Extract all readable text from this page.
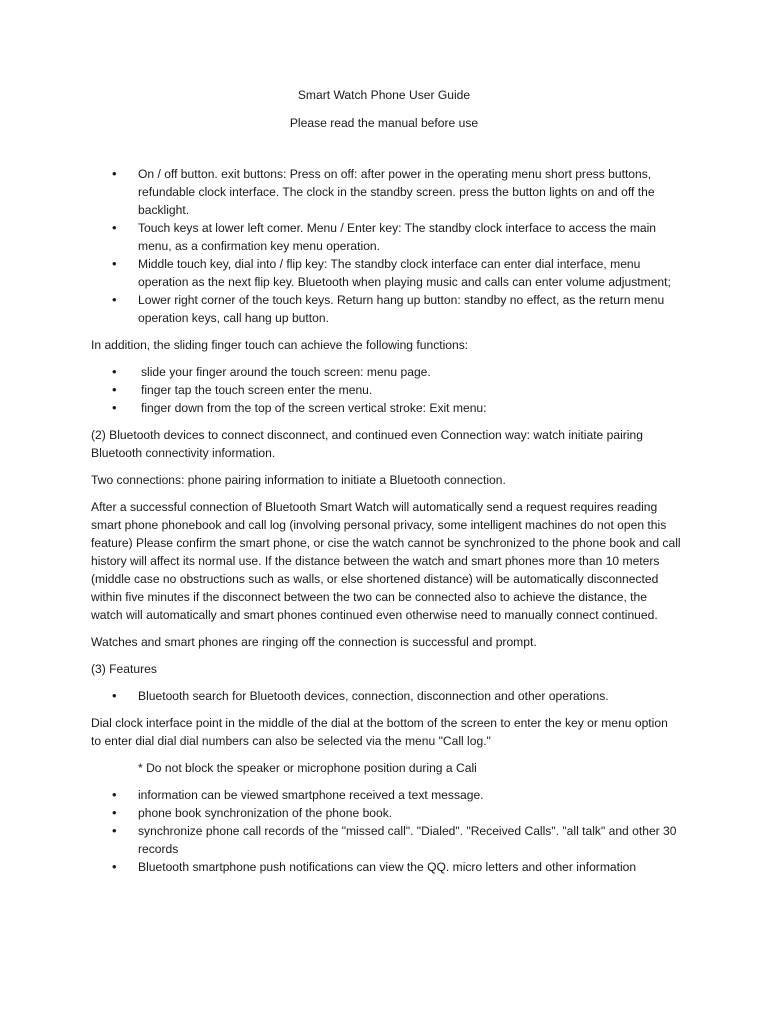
Smart Watch Phone User Guide

Please read the manual before use

• On / off button. exit buttons: Press on off: after power in the operating menu short press buttons, refundable clock interface. The clock in the standby screen. press the button lights on and off the backlight.
• Touch keys at lower left comer. Menu / Enter key: The standby clock interface to access the main menu, as a confirmation key menu operation.
• Middle touch key, dial into / flip key: The standby clock interface can enter dial interface, menu operation as the next flip key. Bluetooth when playing music and calls can enter volume adjustment;
• Lower right corner of the touch keys. Return hang up button: standby no effect, as the return menu operation keys, call hang up button.

In addition, the sliding finger touch can achieve the following functions:

• slide your finger around the touch screen: menu page.
• finger tap the touch screen enter the menu.
• finger down from the top of the screen vertical stroke: Exit menu:

(2) Bluetooth devices to connect disconnect, and continued even Connection way: watch initiate pairing Bluetooth connectivity information.

Two connections: phone pairing information to initiate a Bluetooth connection.

After a successful connection of Bluetooth Smart Watch will automatically send a request requires reading smart phone phonebook and call log (involving personal privacy, some intelligent machines do not open this feature) Please confirm the smart phone, or cise the watch cannot be synchronized to the phone book and call history will affect its normal use. If the distance between the watch and smart phones more than 10 meters (middle case no obstructions such as walls, or else shortened distance) will be automatically disconnected within five minutes if the disconnect between the two can be connected also to achieve the distance, the watch will automatically and smart phones continued even otherwise need to manually connect continued.

Watches and smart phones are ringing off the connection is successful and prompt.

(3) Features

• Bluetooth search for Bluetooth devices, connection, disconnection and other operations.

Dial clock interface point in the middle of the dial at the bottom of the screen to enter the key or menu option to enter dial dial dial numbers can also be selected via the menu "Call log."

* Do not block the speaker or microphone position during a Cali

• information can be viewed smartphone received a text message.
• phone book synchronization of the phone book.
• synchronize phone call records of the "missed call". "Dialed". "Received Calls". "all talk" and other 30 records
• Bluetooth smartphone push notifications can view the QQ. micro letters and other information
